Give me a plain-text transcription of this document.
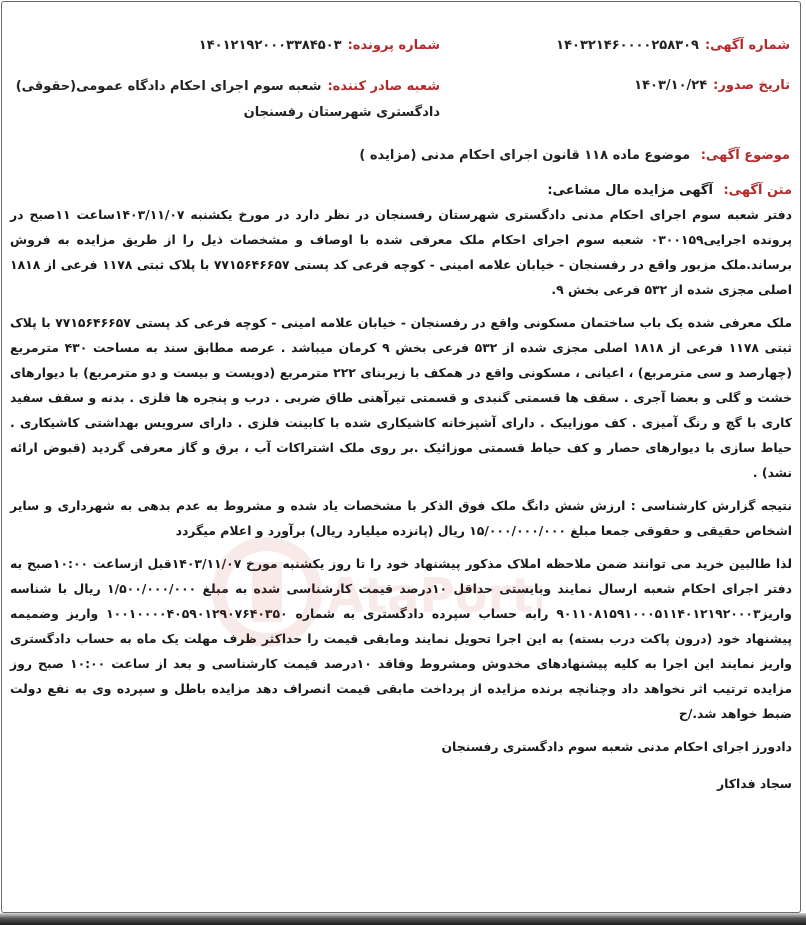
شماره آگهی:
۱۴۰۳۲۱۴۶۰۰۰۰۲۵۸۳۰۹
شماره پرونده:
۱۴۰۱۲۱۹۲۰۰۰۳۳۸۴۵۰۳
تاریخ صدور:
۱۴۰۳/۱۰/۲۴
شعبه صادر کننده:
شعبه سوم اجرای احکام دادگاه عمومی(حقوقی) دادگستری شهرستان رفسنجان
موضوع آگهی: موضوع ماده ۱۱۸ قانون اجرای احکام مدنی (مزایده )
متن آگهی: آگهی مزایده مال مشاعی:

دفتر شعبه سوم اجرای احکام مدنی دادگستری شهرستان رفسنجان در نظر دارد در مورخ یکشنبه ۱۴۰۳/۱۱/۰۷ساعت ۱۱صبح در پرونده اجرایی۰۳۰۰۱۵۹ شعبه سوم اجرای احکام ملک معرفی شده با اوصاف و مشخصات ذیل را از طریق مزایده به فروش برساند.ملک مزبور واقع در رفسنجان - خیابان علامه امینی - کوچه فرعی کد پستی ۷۷۱۵۶۴۶۶۵۷ با پلاک ثبتی ۱۱۷۸ فرعی از ۱۸۱۸ اصلی مجزی شده از ۵۳۲ فرعی بخش ۹.

ملک معرفی شده یک باب ساختمان مسکونی واقع در رفسنجان - خیابان علامه امینی - کوچه فرعی کد پستی ۷۷۱۵۶۴۶۶۵۷ با پلاک ثبتی ۱۱۷۸ فرعی از ۱۸۱۸ اصلی مجزی شده از ۵۳۲ فرعی بخش ۹ کرمان میباشد . عرصه مطابق سند به مساحت ۴۳۰ مترمربع (چهارصد و سی مترمربع) ، اعیانی ، مسکونی واقع در همکف با زیربنای ۲۲۲ مترمربع (دویست و بیست و دو مترمربع) با دیوارهای خشت و گلی و بعضا آجری . سقف ها قسمتی گنبدی و قسمتی تیرآهنی طاق ضربی . درب و پنجره ها فلزی . بدنه و سقف سفید کاری با گچ و رنگ آمیزی . کف موزاییک . دارای آشپزخانه کاشیکاری شده با کابینت فلزی . دارای سرویس بهداشتی کاشیکاری . حیاط سازی با دیوارهای حصار و کف حیاط قسمتی موزائیک .بر روی ملک اشتراکات آب ، برق و گاز معرفی گردید (قبوض ارائه نشد) .

نتیجه گزارش کارشناسی : ارزش شش دانگ ملک فوق الذکر با مشخصات یاد شده و مشروط به عدم بدهی به شهرداری و سایر اشخاص حقیقی و حقوقی جمعا مبلغ ۱۵/۰۰۰/۰۰۰/۰۰۰ ریال (پانزده میلیارد ریال) برآورد و اعلام میگردد

لذا طالبین خرید می توانند ضمن ملاحظه املاک مذکور پیشنهاد خود را تا روز یکشنبه مورخ ۱۴۰۳/۱۱/۰۷قبل ازساعت ۱۰:۰۰صبح به دفتر اجرای احکام شعبه ارسال نمایند وبایستی حداقل ۱۰درصد قیمت کارشناسی شده به مبلغ ۱/۵۰۰/۰۰۰/۰۰۰ ریال با شناسه واریز۹۰۱۱۰۸۱۵۹۱۰۰۰۵۱۱۴۰۱۲۱۹۲۰۰۰۳ رابه حساب سپرده دادگستری به شماره ۱۰۰۱۰۰۰۰۴۰۵۹۰۱۲۹۰۷۶۴۰۳۵۰ واریز وضمیمه پیشنهاد خود (درون پاکت درب بسته) به این اجرا تحویل نمایند ومابقی قیمت را حداکثر ظرف مهلت یک ماه به حساب دادگستری واریز نمایند این اجرا به کلیه پیشنهادهای مخدوش ومشروط وفاقد ۱۰درصد قیمت کارشناسی و بعد از ساعت ۱۰:۰۰ صبح روز مزایده ترتیب اثر نخواهد داد وچنانچه برنده مزایده از پرداخت مابقی قیمت انصراف دهد مزایده باطل و سپرده وی به نفع دولت ضبط خواهد شد./ح

دادورز اجرای احکام مدنی شعبه سوم دادگستری رفسنجان
سجاد فداکار
AtaPort
